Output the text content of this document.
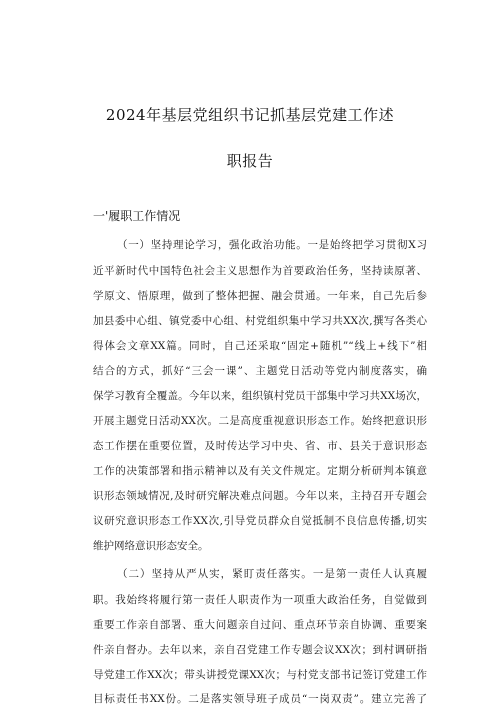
2024年基层党组织书记抓基层党建工作述
职报告
一'履职工作情况
（一）坚持理论学习，强化政治功能。一是始终把学习贯彻X习
近平新时代中国特色社会主义思想作为首要政治任务，坚持读原著、
学原文、悟原理，做到了整体把握、融会贯通。一年来，自己先后参
加县委中心组、镇党委中心组、村党组织集中学习共XX次,撰写各类心
得体会文章XX篇。同时，自己还采取“固定+随机”“线上+线下”相
结合的方式，抓好“三会一课”、主题党日活动等党内制度落实，确
保学习教育全覆盖。今年以来，组织镇村党员干部集中学习共XX场次，
开展主题党日活动XX次。二是高度重视意识形态工作。始终把意识形
态工作摆在重要位置，及时传达学习中央、省、市、县关于意识形态
工作的决策部署和指示精神以及有关文件规定。定期分析研判本镇意
识形态领域情况,及时研究解决难点问题。今年以来，主持召开专题会
议研究意识形态工作XX次,引导党员群众自觉抵制不良信息传播,切实
维护网络意识形态安全。
（二）坚持从严从实，紧盯责任落实。一是第一责任人认真履
职。我始终将履行第一责任人职责作为一项重大政治任务，自觉做到
重要工作亲自部署、重大问题亲自过问、重点环节亲自协调、重要案
件亲自督办。去年以来，亲自召党建工作专题会议XX次；到村调研指
导党建工作XX次；带头讲授党课XX次；与村党支部书记签订党建工作
目标责任书XX份。二是落实领导班子成员“一岗双责”。建立完善了
